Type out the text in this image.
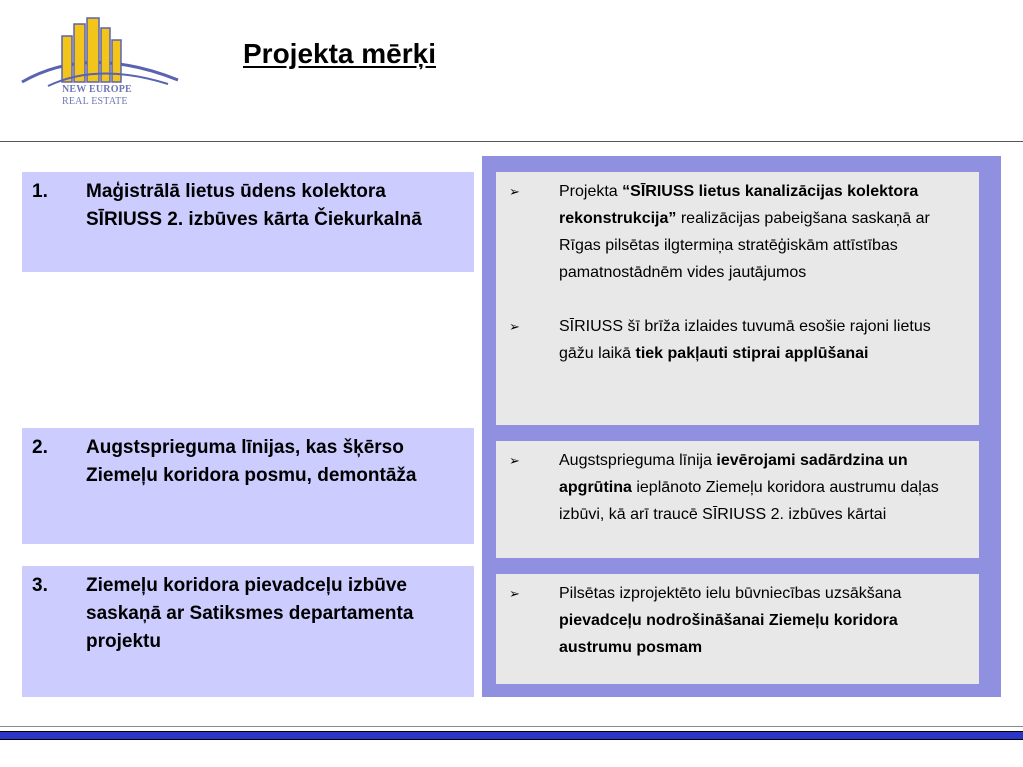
NEW EUROPE
REAL ESTATE
Projekta mērķi
1.	Maģistrālā lietus ūdens kolektora SĪRIUSS 2. izbūves kārta Čiekurkalnā
2.	Augstsprieguma līnijas, kas šķērso Ziemeļu koridora posmu, demontāža
3.	Ziemeļu koridora pievadceļu izbūve saskaņā ar Satiksmes departamenta projektu
➢	Projekta “SĪRIUSS lietus kanalizācijas kolektora rekonstrukcija” realizācijas pabeigšana saskaņā ar Rīgas pilsētas ilgtermiņa stratēģiskām attīstības pamatnostādnēm vides jautājumos
➢	SĪRIUSS šī brīža izlaides tuvumā esošie rajoni lietus gāžu laikā tiek pakļauti stiprai applūšanai
➢	Augstsprieguma līnija ievērojami sadārdzina un apgrūtina ieplānoto Ziemeļu koridora austrumu daļas izbūvi, kā arī traucē SĪRIUSS 2. izbūves kārtai
➢	Pilsētas izprojektēto ielu būvniecības uzsākšana pievadceļu nodrošināšanai Ziemeļu koridora austrumu posmam
